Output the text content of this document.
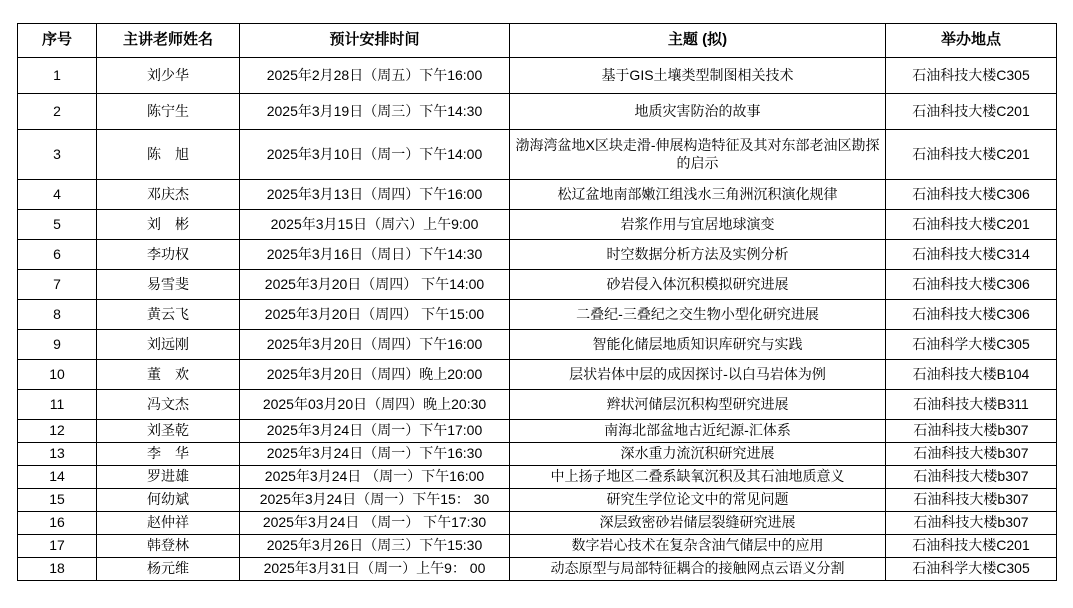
序号	主讲老师姓名	预计安排时间	主题 (拟)	举办地点
1	刘少华	2025年2月28日（周五）下午16:00	基于GIS土壤类型制图相关技术	石油科技大楼C305
2	陈宁生	2025年3月19日（周三）下午14:30	地质灾害防治的故事	石油科技大楼C201
3	陈　旭	2025年3月10日（周一）下午14:00	渤海湾盆地X区块走滑-伸展构造特征及其对东部老油区勘探的启示	石油科技大楼C201
4	邓庆杰	2025年3月13日（周四）下午16:00	松辽盆地南部嫩江组浅水三角洲沉积演化规律	石油科技大楼C306
5	刘　彬	2025年3月15日（周六）上午9:00	岩浆作用与宜居地球演变	石油科技大楼C201
6	李功权	2025年3月16日（周日）下午14:30	时空数据分析方法及实例分析	石油科技大楼C314
7	易雪斐	2025年3月20日（周四） 下午14:00	砂岩侵入体沉积模拟研究进展	石油科技大楼C306
8	黄云飞	2025年3月20日（周四） 下午15:00	二叠纪-三叠纪之交生物小型化研究进展	石油科技大楼C306
9	刘远刚	2025年3月20日（周四）下午16:00	智能化储层地质知识库研究与实践	石油科学大楼C305
10	董　欢	2025年3月20日（周四）晚上20:00	层状岩体中层的成因探讨-以白马岩体为例	石油科技大楼B104
11	冯文杰	2025年03月20日（周四）晚上20:30	辫状河储层沉积构型研究进展	石油科技大楼B311
12	刘圣乾	2025年3月24日（周一）下午17:00	南海北部盆地古近纪源-汇体系	石油科技大楼b307
13	李　华	2025年3月24日（周一）下午16:30	深水重力流沉积研究进展	石油科技大楼b307
14	罗进雄	2025年3月24日 （周一）下午16:00	中上扬子地区二叠系缺氧沉积及其石油地质意义	石油科技大楼b307
15	何幼斌	2025年3月24日（周一）下午15： 30	研究生学位论文中的常见问题	石油科技大楼b307
16	赵仲祥	2025年3月24日 （周一） 下午17:30	深层致密砂岩储层裂缝研究进展	石油科技大楼b307
17	韩登林	2025年3月26日（周三）下午15:30	数字岩心技术在复杂含油气储层中的应用	石油科技大楼C201
18	杨元维	2025年3月31日（周一）上午9： 00	动态原型与局部特征耦合的接触网点云语义分割	石油科学大楼C305
